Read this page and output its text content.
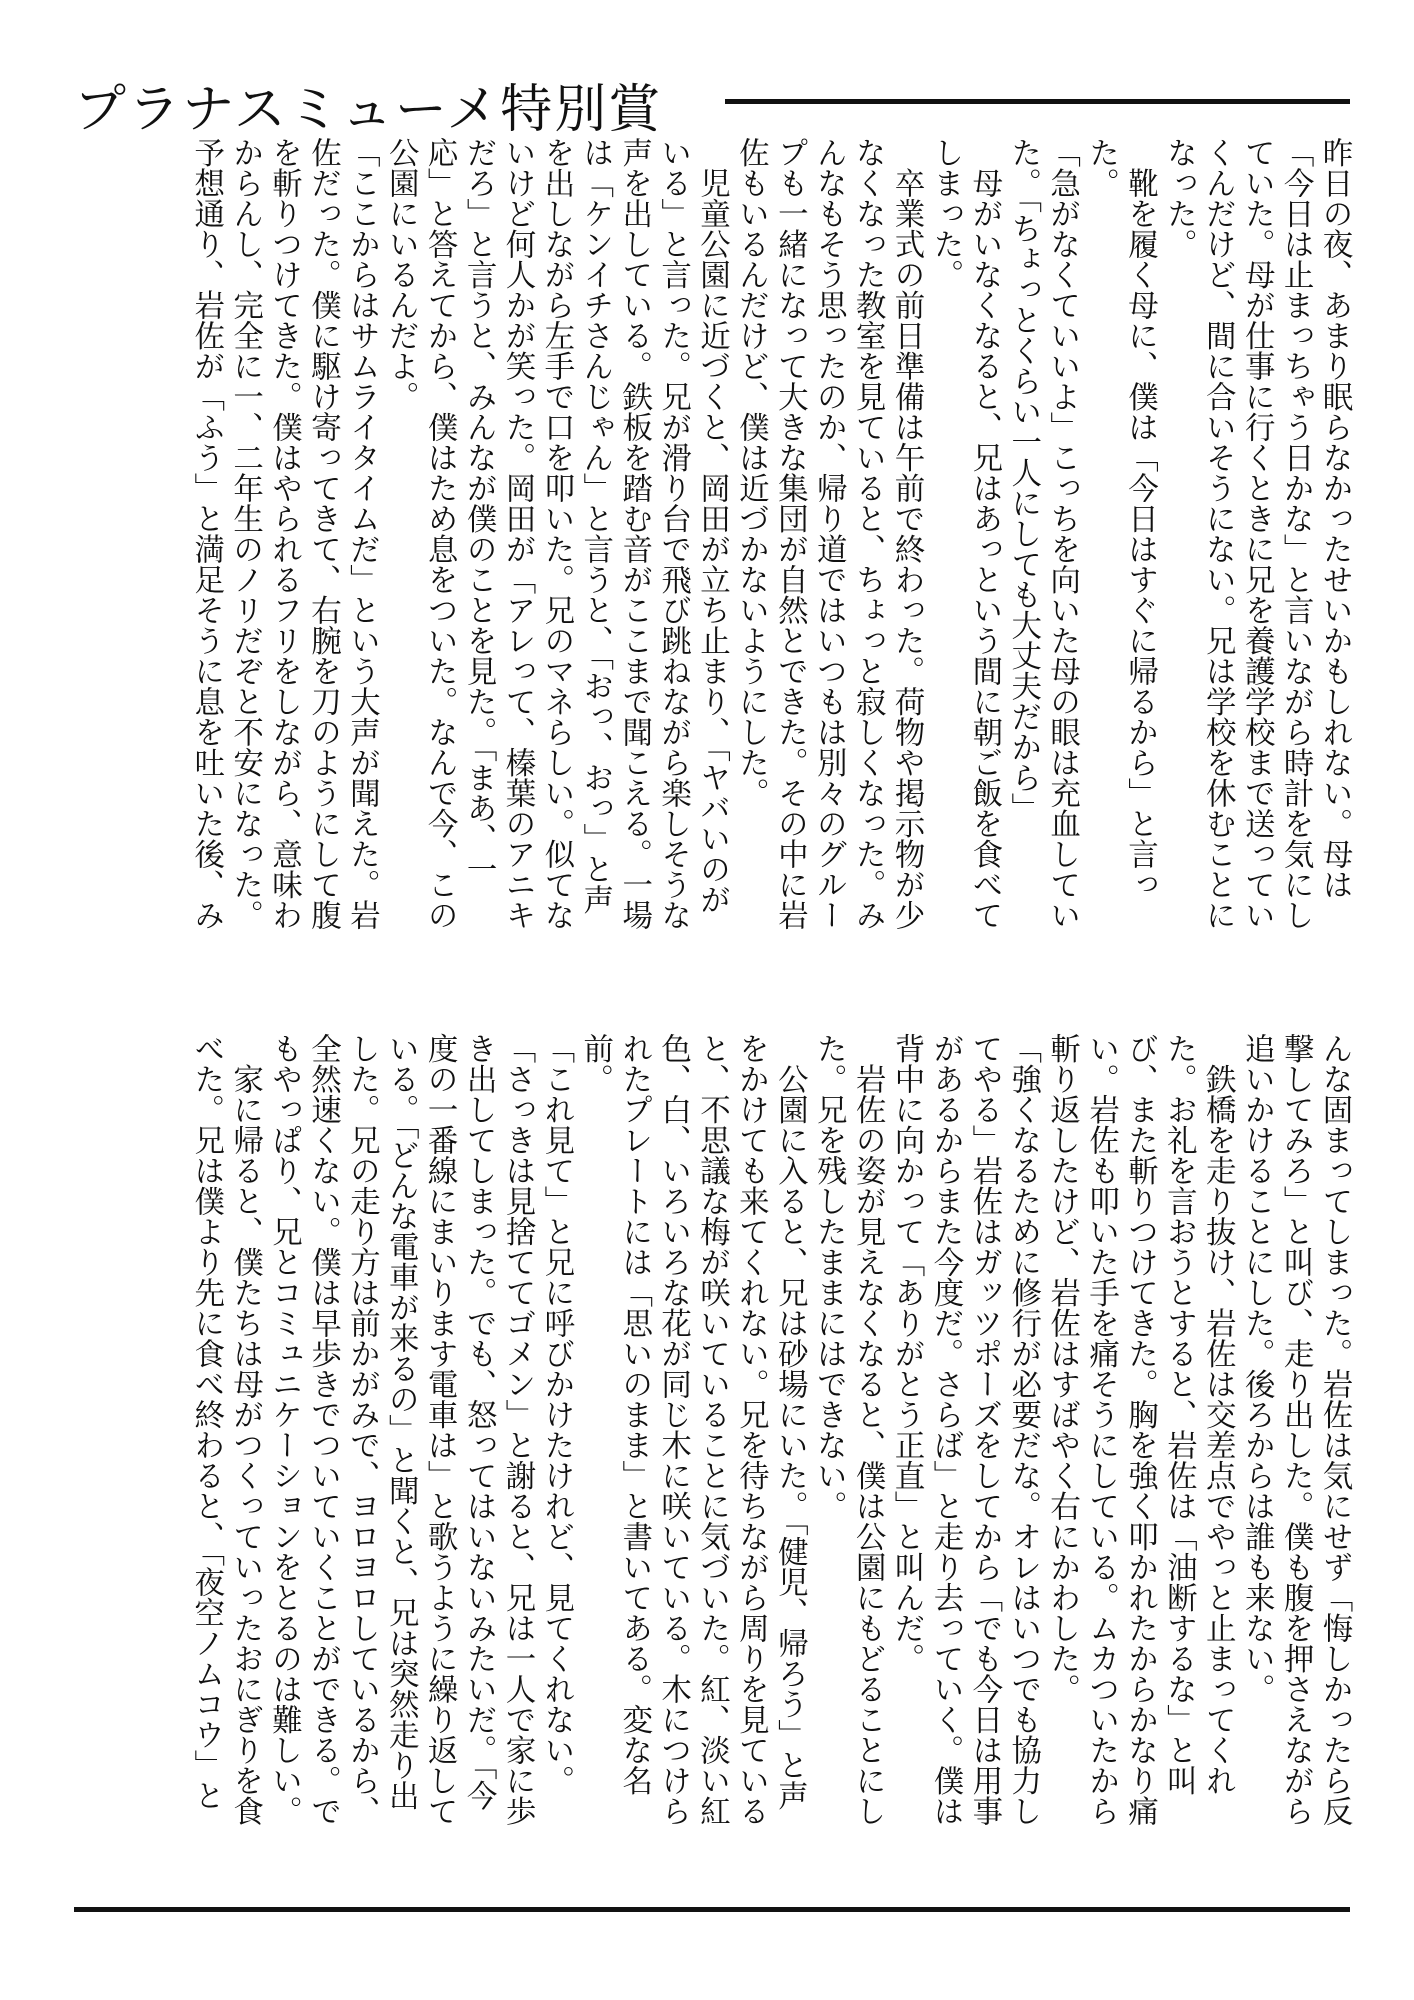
プラナスミューメ特別賞
昨日の夜、あまり眠らなかったせいかもしれない。母は
「今日は止まっちゃう日かな」と言いながら時計を気にし
ていた。母が仕事に行くときに兄を養護学校まで送ってい
くんだけど、間に合いそうにない。兄は学校を休むことに
なった。
　靴を履く母に、僕は「今日はすぐに帰るから」と言っ
た。
「急がなくていいよ」こっちを向いた母の眼は充血してい
た。「ちょっとくらい一人にしても大丈夫だから」
　母がいなくなると、兄はあっという間に朝ご飯を食べて
しまった。
　卒業式の前日準備は午前で終わった。荷物や掲示物が少
なくなった教室を見ていると、ちょっと寂しくなった。み
んなもそう思ったのか、帰り道ではいつもは別々のグルー
プも一緒になって大きな集団が自然とできた。その中に岩
佐もいるんだけど、僕は近づかないようにした。
　児童公園に近づくと、岡田が立ち止まり、「ヤバいのが
いる」と言った。兄が滑り台で飛び跳ねながら楽しそうな
声を出している。鉄板を踏む音がここまで聞こえる。一場
は「ケンイチさんじゃん」と言うと、「おっ、おっ」と声
を出しながら左手で口を叩いた。兄のマネらしい。似てな
いけど何人かが笑った。岡田が「アレって、榛葉のアニキ
だろ」と言うと、みんなが僕のことを見た。「まあ、一
応」と答えてから、僕はため息をついた。なんで今、この
公園にいるんだよ。
「ここからはサムライタイムだ」という大声が聞えた。岩
佐だった。僕に駆け寄ってきて、右腕を刀のようにして腹
を斬りつけてきた。僕はやられるフリをしながら、意味わ
からんし、完全に一、二年生のノリだぞと不安になった。
予想通り、岩佐が「ふう」と満足そうに息を吐いた後、み
んな固まってしまった。岩佐は気にせず「悔しかったら反
撃してみろ」と叫び、走り出した。僕も腹を押さえながら
追いかけることにした。後ろからは誰も来ない。
　鉄橋を走り抜け、岩佐は交差点でやっと止まってくれ
た。お礼を言おうとすると、岩佐は「油断するな」と叫
び、また斬りつけてきた。胸を強く叩かれたからかなり痛
い。岩佐も叩いた手を痛そうにしている。ムカついたから
斬り返したけど、岩佐はすばやく右にかわした。
「強くなるために修行が必要だな。オレはいつでも協力し
てやる」岩佐はガッツポーズをしてから「でも今日は用事
があるからまた今度だ。さらば」と走り去っていく。僕は
背中に向かって「ありがとう正直」と叫んだ。
　岩佐の姿が見えなくなると、僕は公園にもどることにし
た。兄を残したままにはできない。
　公園に入ると、兄は砂場にいた。「健児、帰ろう」と声
をかけても来てくれない。兄を待ちながら周りを見ている
と、不思議な梅が咲いていることに気づいた。紅、淡い紅
色、白、いろいろな花が同じ木に咲いている。木につけら
れたプレートには「思いのまま」と書いてある。変な名
前。
「これ見て」と兄に呼びかけたけれど、見てくれない。
「さっきは見捨ててゴメン」と謝ると、兄は一人で家に歩
き出してしまった。でも、怒ってはいないみたいだ。「今
度の一番線にまいります電車は」と歌うように繰り返して
いる。「どんな電車が来るの」と聞くと、兄は突然走り出
した。兄の走り方は前かがみで、ヨロヨロしているから、
全然速くない。僕は早歩きでついていくことができる。で
もやっぱり、兄とコミュニケーションをとるのは難しい。
　家に帰ると、僕たちは母がつくっていったおにぎりを食
べた。兄は僕より先に食べ終わると、「夜空ノムコウ」と
